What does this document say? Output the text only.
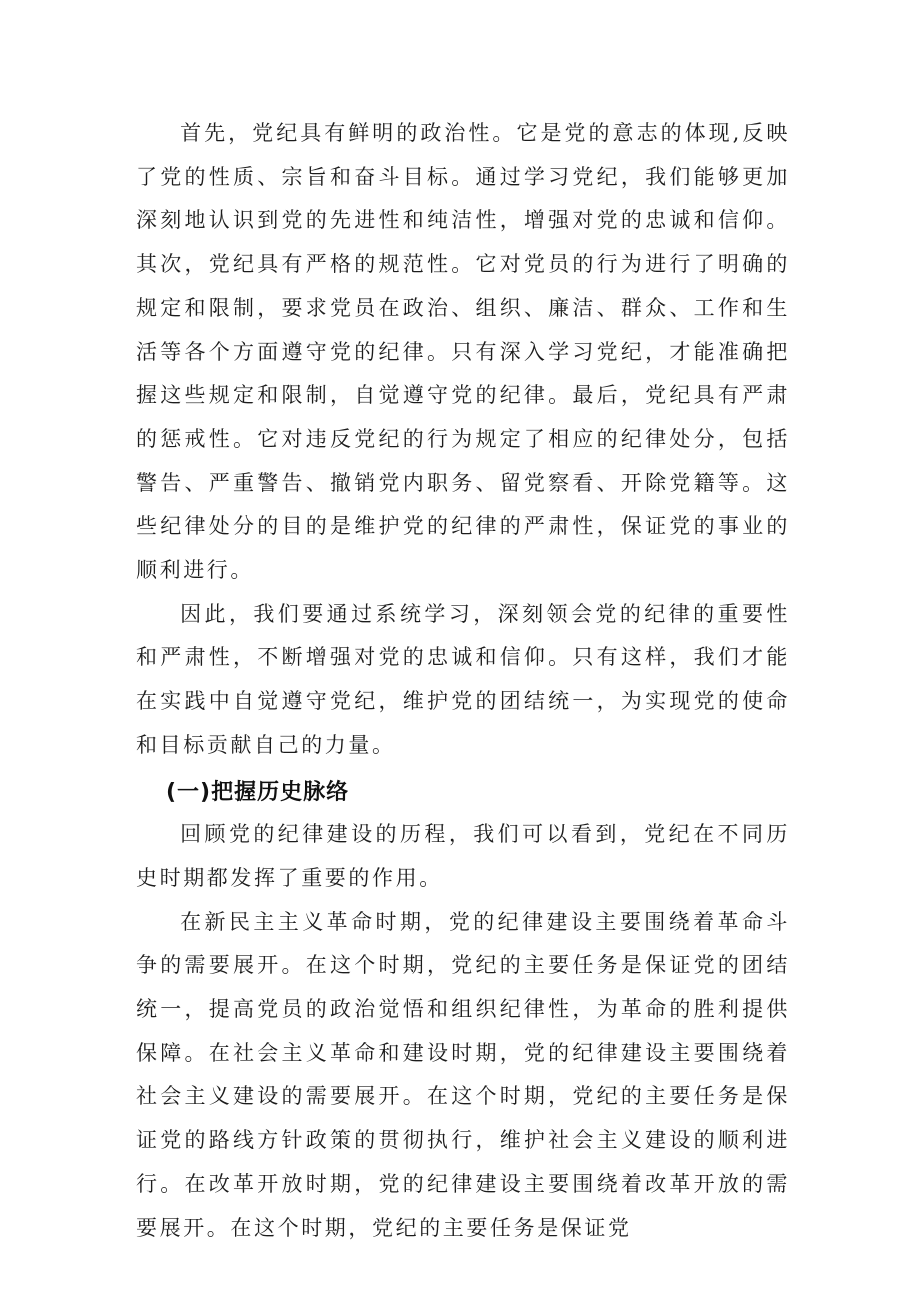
首先，党纪具有鲜明的政治性。它是党的意志的体现,反映了党的性质、宗旨和奋斗目标。通过学习党纪，我们能够更加深刻地认识到党的先进性和纯洁性，增强对党的忠诚和信仰。其次，党纪具有严格的规范性。它对党员的行为进行了明确的规定和限制，要求党员在政治、组织、廉洁、群众、工作和生活等各个方面遵守党的纪律。只有深入学习党纪，才能准确把握这些规定和限制，自觉遵守党的纪律。最后，党纪具有严肃的惩戒性。它对违反党纪的行为规定了相应的纪律处分，包括警告、严重警告、撤销党内职务、留党察看、开除党籍等。这些纪律处分的目的是维护党的纪律的严肃性，保证党的事业的顺利进行。

因此，我们要通过系统学习，深刻领会党的纪律的重要性和严肃性，不断增强对党的忠诚和信仰。只有这样，我们才能在实践中自觉遵守党纪，维护党的团结统一，为实现党的使命和目标贡献自己的力量。

(一)把握历史脉络

回顾党的纪律建设的历程，我们可以看到，党纪在不同历史时期都发挥了重要的作用。

在新民主主义革命时期，党的纪律建设主要围绕着革命斗争的需要展开。在这个时期，党纪的主要任务是保证党的团结统一，提高党员的政治觉悟和组织纪律性，为革命的胜利提供保障。在社会主义革命和建设时期，党的纪律建设主要围绕着社会主义建设的需要展开。在这个时期，党纪的主要任务是保证党的路线方针政策的贯彻执行，维护社会主义建设的顺利进行。在改革开放时期，党的纪律建设主要围绕着改革开放的需要展开。在这个时期，党纪的主要任务是保证党
